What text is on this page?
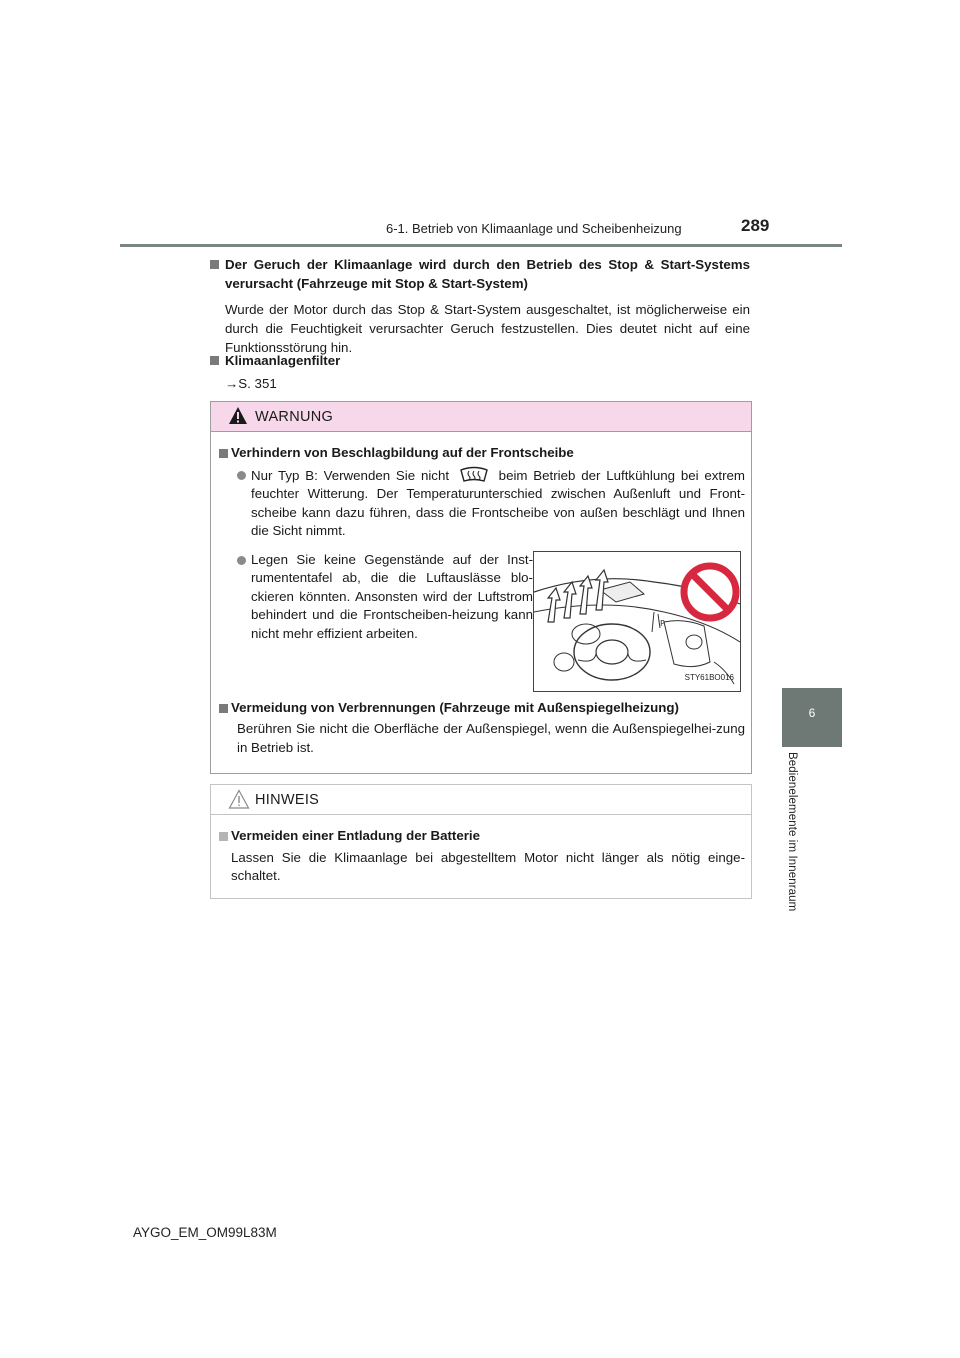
6-1. Betrieb von Klimaanlage und Scheibenheizung	289
6
Bedienelemente im Innenraum
Der Geruch der Klimaanlage wird durch den Betrieb des Stop & Start-Systems verursacht (Fahrzeuge mit Stop & Start-System)
Wurde der Motor durch das Stop & Start-System ausgeschaltet, ist möglicherweise ein durch die Feuchtigkeit verursachter Geruch festzustellen. Dies deutet nicht auf eine Funktionsstörung hin.
Klimaanlagenfilter
→S. 351
WARNUNG
Verhindern von Beschlagbildung auf der Frontscheibe
Nur Typ B: Verwenden Sie nicht	beim Betrieb der Luftkühlung bei extrem feuchter Witterung. Der Temperaturunterschied zwischen Außenluft und Front-scheibe kann dazu führen, dass die Frontscheibe von außen beschlägt und Ihnen die Sicht nimmt.
Legen Sie keine Gegenstände auf der Inst-rumententafel ab, die die Luftauslässe blo-ckieren könnten. Ansonsten wird der Luftstrom behindert und die Frontscheiben-heizung kann nicht mehr effizient arbeiten.
P
STY61BO016
Vermeidung von Verbrennungen (Fahrzeuge mit Außenspiegelheizung)
Berühren Sie nicht die Oberfläche der Außenspiegel, wenn die Außenspiegelhei-zung in Betrieb ist.
HINWEIS
Vermeiden einer Entladung der Batterie
Lassen Sie die Klimaanlage bei abgestelltem Motor nicht länger als nötig einge-schaltet.
AYGO_EM_OM99L83M
